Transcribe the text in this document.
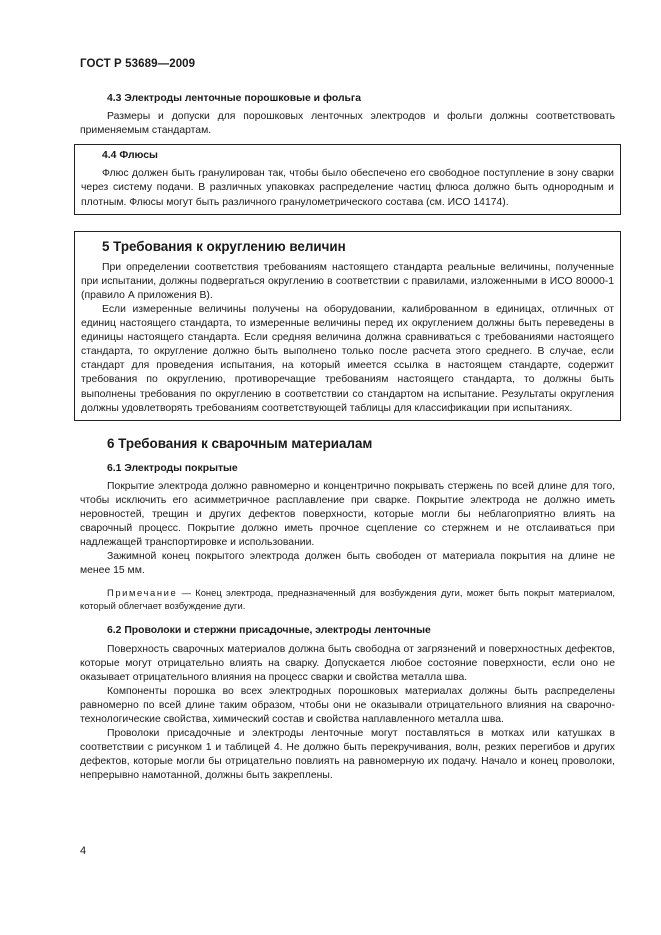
ГОСТ Р 53689—2009
4.3 Электроды ленточные порошковые и фольга

Размеры и допуски для порошковых ленточных электродов и фольги должны соответствовать применяемым стандартам.

4.4 Флюсы

Флюс должен быть гранулирован так, чтобы было обеспечено его свободное поступление в зону сварки через систему подачи. В различных упаковках распределение частиц флюса должно быть однородным и плотным. Флюсы могут быть различного гранулометрического состава (см. ИСО 14174).

5 Требования к округлению величин

При определении соответствия требованиям настоящего стандарта реальные величины, полученные при испытании, должны подвергаться округлению в соответствии с правилами, изложенными в ИСО 80000-1 (правило А приложения В).

Если измеренные величины получены на оборудовании, калиброванном в единицах, отличных от единиц настоящего стандарта, то измеренные величины перед их округлением должны быть переведены в единицы настоящего стандарта. Если средняя величина должна сравниваться с требованиями настоящего стандарта, то округление должно быть выполнено только после расчета этого среднего. В случае, если стандарт для проведения испытания, на который имеется ссылка в настоящем стандарте, содержит требования по округлению, противоречащие требованиям настоящего стандарта, то должны быть выполнены требования по округлению в соответствии со стандартом на испытание. Результаты округления должны удовлетворять требованиям соответствующей таблицы для классификации при испытаниях.

6 Требования к сварочным материалам
6.1 Электроды покрытые

Покрытие электрода должно равномерно и концентрично покрывать стержень по всей длине для того, чтобы исключить его асимметричное расплавление при сварке. Покрытие электрода не должно иметь неровностей, трещин и других дефектов поверхности, которые могли бы неблагоприятно влиять на сварочный процесс. Покрытие должно иметь прочное сцепление со стержнем и не отслаиваться при надлежащей транспортировке и использовании.

Зажимной конец покрытого электрода должен быть свободен от материала покрытия на длине не менее 15 мм.

Примечание — Конец электрода, предназначенный для возбуждения дуги, может быть покрыт материалом, который облегчает возбуждение дуги.

6.2 Проволоки и стержни присадочные, электроды ленточные

Поверхность сварочных материалов должна быть свободна от загрязнений и поверхностных дефектов, которые могут отрицательно влиять на сварку. Допускается любое состояние поверхности, если оно не оказывает отрицательного влияния на процесс сварки и свойства металла шва.

Компоненты порошка во всех электродных порошковых материалах должны быть распределены равномерно по всей длине таким образом, чтобы они не оказывали отрицательного влияния на сварочно-технологические свойства, химический состав и свойства наплавленного металла шва.

Проволоки присадочные и электроды ленточные могут поставляться в мотках или катушках в соответствии с рисунком 1 и таблицей 4. Не должно быть перекручивания, волн, резких перегибов и других дефектов, которые могли бы отрицательно повлиять на равномерную их подачу. Начало и конец проволоки, непрерывно намотанной, должны быть закреплены.

4
